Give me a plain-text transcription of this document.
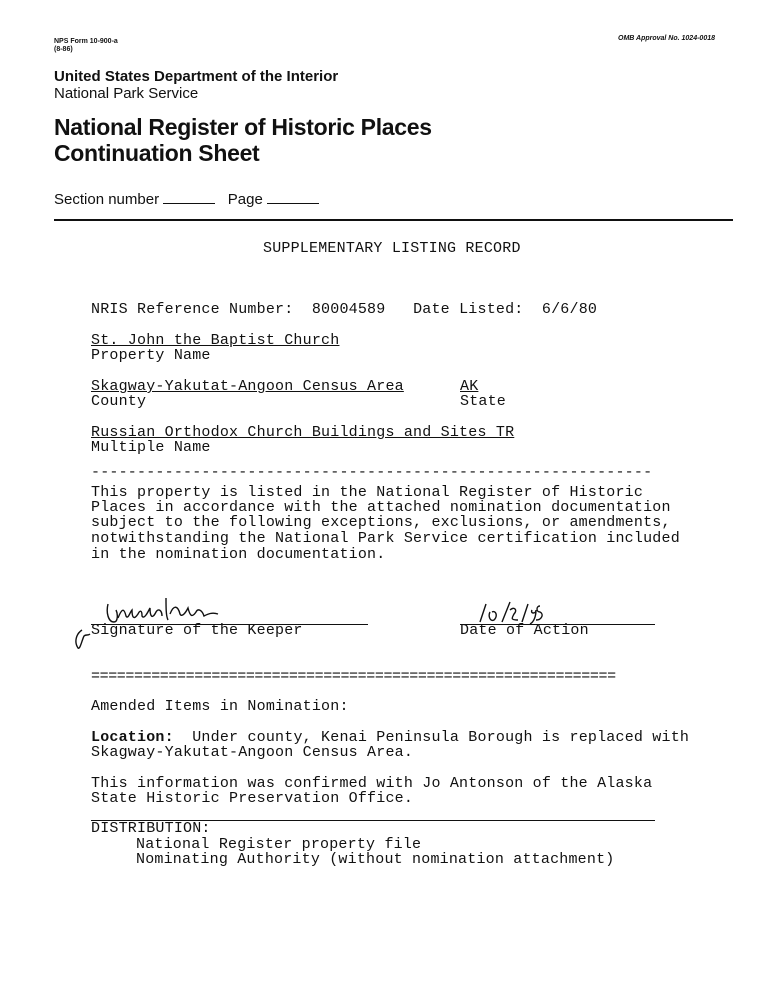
NPS Form 10-900-a
(8-86)
OMB Approval No. 1024-0018
United States Department of the Interior
National Park Service
National Register of Historic Places
Continuation Sheet
Section number	Page
SUPPLEMENTARY LISTING RECORD
NRIS Reference Number: 80004589 Date Listed: 6/6/80
St. John the Baptist Church
Property Name
Skagway-Yakutat-Angoon Census Area	AK
County	State
Russian Orthodox Church Buildings and Sites TR
Multiple Name
-------------------------------------------------------------
This property is listed in the National Register of Historic
Places in accordance with the attached nomination documentation
subject to the following exceptions, exclusions, or amendments,
notwithstanding the National Park Service certification included
in the nomination documentation.
Signature of the Keeper	Date of Action
=============================================================
Amended Items in Nomination:
Location:  Under county, Kenai Peninsula Borough is replaced with
Skagway-Yakutat-Angoon Census Area.
This information was confirmed with Jo Antonson of the Alaska
State Historic Preservation Office.
DISTRIBUTION:
National Register property file
Nominating Authority (without nomination attachment)
